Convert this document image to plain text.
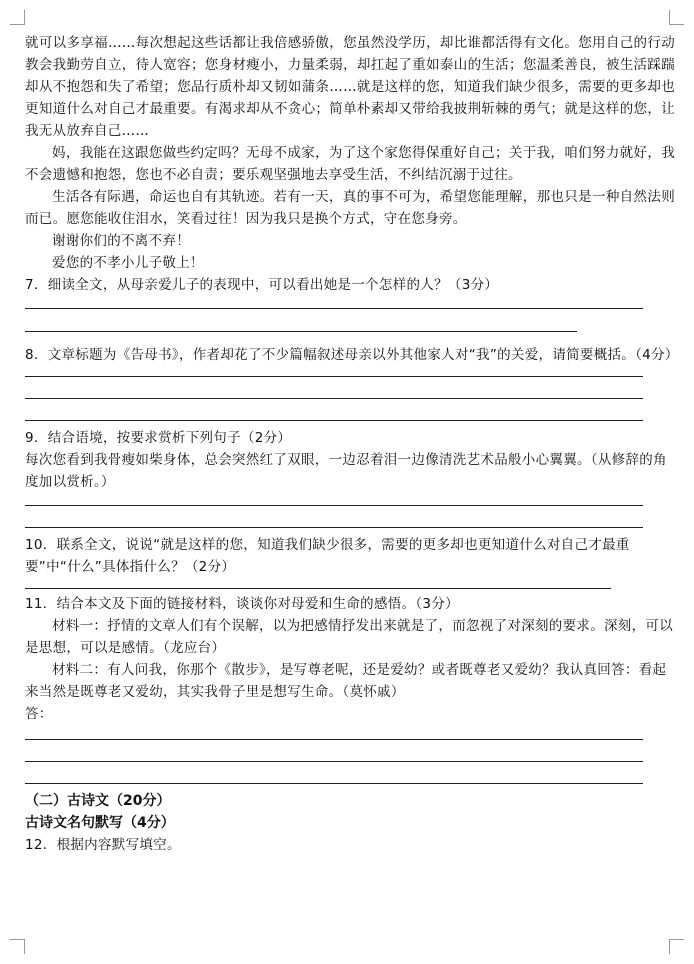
就可以多享福……每次想起这些话都让我倍感骄傲，您虽然没学历，却比谁都活得有文化。您用自己的行动教会我勤劳自立，待人宽容；您身材瘦小，力量柔弱，却扛起了重如泰山的生活；您温柔善良，被生活踩踹却从不抱怨和失了希望；您品行质朴却又韧如蒲条……就是这样的您，知道我们缺少很多，需要的更多却也更知道什么对自己才最重要。有渴求却从不贪心；简单朴素却又带给我披荆斩棘的勇气；就是这样的您，让我无从放弃自己……

妈，我能在这跟您做些约定吗？无母不成家，为了这个家您得保重好自己；关于我，咱们努力就好，我不会遗憾和抱怨，您也不必自责；要乐观坚强地去享受生活，不纠结沉溺于过往。

生活各有际遇，命运也自有其轨迹。若有一天，真的事不可为，希望您能理解，那也只是一种自然法则而已。愿您能收住泪水，笑看过往！因为我只是换个方式，守在您身旁。

谢谢你们的不离不弃！

爱您的不孝小儿子敬上！

7．细读全文，从母亲爱儿子的表现中，可以看出她是一个怎样的人？（3分）

8．文章标题为《告母书》，作者却花了不少篇幅叙述母亲以外其他家人对“我”的关爱，请简要概括。（4分）

9．结合语境，按要求赏析下列句子（2分）

每次您看到我骨瘦如柴身体，总会突然红了双眼，一边忍着泪一边像清洗艺术品般小心翼翼。（从修辞的角度加以赏析。）

10．联系全文，说说“就是这样的您，知道我们缺少很多，需要的更多却也更知道什么对自己才最重要”中“什么”具体指什么？（2分）

11．结合本文及下面的链接材料，谈谈你对母爱和生命的感悟。（3分）

材料一：抒情的文章人们有个误解，以为把感情抒发出来就是了，而忽视了对深刻的要求。深刻，可以是思想，可以是感情。（龙应台）

材料二：有人问我，你那个《散步》，是写尊老呢，还是爱幼？或者既尊老又爱幼？我认真回答：看起来当然是既尊老又爱幼，其实我骨子里是想写生命。（莫怀戚）

答：

（二）古诗文（20分）

古诗文名句默写（4分）

12．根据内容默写填空。
